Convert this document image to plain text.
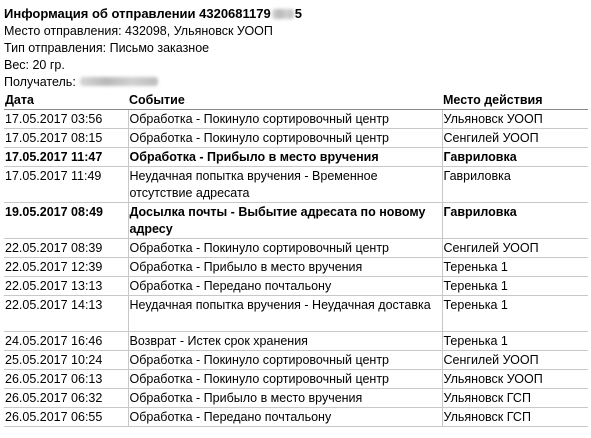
Информация об отправлении 4320681179 5
Место отправления: 432098, Ульяновск УООП
Тип отправления: Письмо заказное
Вес: 20 гр.
Получатель:
Дата	Событие	Место действия
17.05.2017 03:56	Обработка - Покинуло сортировочный центр	Ульяновск УООП
17.05.2017 08:15	Обработка - Покинуло сортировочный центр	Сенгилей УООП
17.05.2017 11:47	Обработка - Прибыло в место вручения	Гавриловка
17.05.2017 11:49	Неудачная попытка вручения - Временное отсутствие адресата	Гавриловка
19.05.2017 08:49	Досылка почты - Выбытие адресата по новому адресу	Гавриловка
22.05.2017 08:39	Обработка - Покинуло сортировочный центр	Сенгилей УООП
22.05.2017 12:39	Обработка - Прибыло в место вручения	Теренька 1
22.05.2017 13:13	Обработка - Передано почтальону	Теренька 1
22.05.2017 14:13	Неудачная попытка вручения - Неудачная доставка	Теренька 1
24.05.2017 16:46	Возврат - Истек срок хранения	Теренька 1
25.05.2017 10:24	Обработка - Покинуло сортировочный центр	Сенгилей УООП
26.05.2017 06:13	Обработка - Покинуло сортировочный центр	Ульяновск УООП
26.05.2017 06:32	Обработка - Прибыло в место вручения	Ульяновск ГСП
26.05.2017 06:55	Обработка - Передано почтальону	Ульяновск ГСП
